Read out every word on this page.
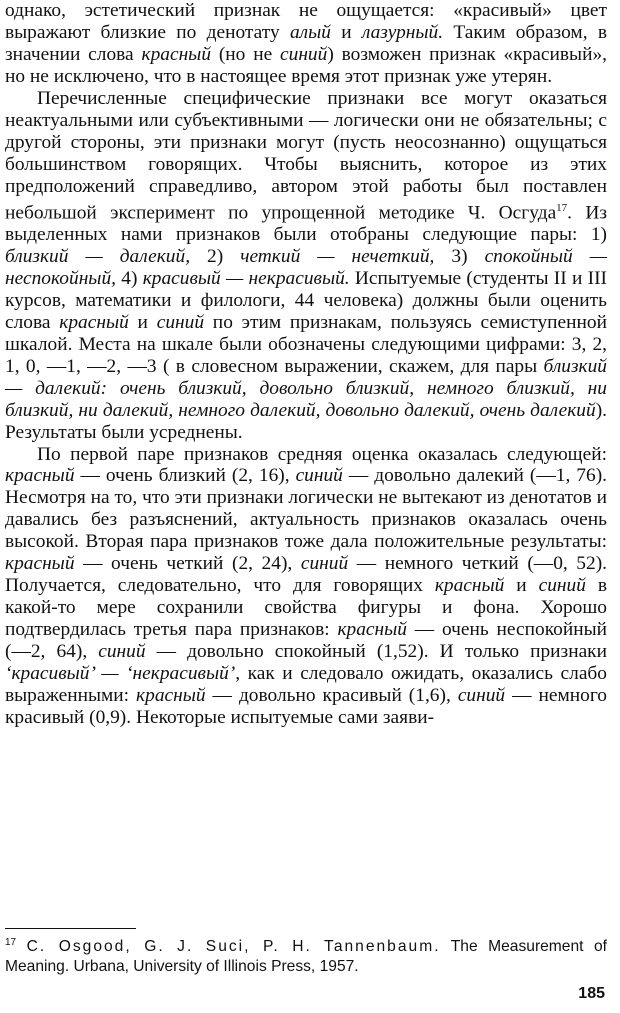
однако, эстетический признак не ощущается: «красивый» цвет выражают близкие по денотату алый и лазурный. Таким образом, в значении слова красный (но не синий) возможен признак «красивый», но не исключено, что в настоящее время этот признак уже утерян.

Перечисленные специфические признаки все могут оказаться неактуальными или субъективными — логически они не обязательны; с другой стороны, эти признаки могут (пусть неосознанно) ощущаться большинством говорящих. Чтобы выяснить, которое из этих предположений справедливо, автором этой работы был поставлен небольшой эксперимент по упрощенной методике Ч. Осгуда$^{17}$. Из выделенных нами признаков были отобраны следующие пары: 1) близкий — далекий, 2) четкий — нечеткий, 3) спокойный — неспокойный, 4) красивый — некрасивый. Испытуемые (студенты II и III курсов, математики и филологи, 44 человека) должны были оценить слова красный и синий по этим признакам, пользуясь семиступенной шкалой. Места на шкале были обозначены следующими цифрами: 3, 2, 1, 0, —1, —2, —3 ( в словесном выражении, скажем, для пары близкий — далекий: очень близкий, довольно близкий, немного близкий, ни близкий, ни далекий, немного далекий, довольно далекий, очень далекий). Результаты были усреднены.

По первой паре признаков средняя оценка оказалась следующей: красный — очень близкий (2, 16), синий — довольно далекий (—1, 76). Несмотря на то, что эти признаки логически не вытекают из денотатов и давались без разъяснений, актуальность признаков оказалась очень высокой. Вторая пара признаков тоже дала положительные результаты: красный — очень четкий (2, 24), синий — немного четкий (—0, 52). Получается, следовательно, что для говорящих красный и синий в какой-то мере сохранили свойства фигуры и фона. Хорошо подтвердилась третья пара признаков: красный — очень неспокойный (—2, 64), синий — довольно спокойный (1,52). И только признаки ‘красивый’ — ‘некрасивый’, как и следовало ожидать, оказались слабо выраженными: красный — довольно красивый (1,6), синий — немного красивый (0,9). Некоторые испытуемые сами заяви-

$^{17}$ C. Osgood, G. J. Suci, P. H. Tannenbaum. The Measurement of Meaning. Urbana, University of Illinois Press, 1957.
185
